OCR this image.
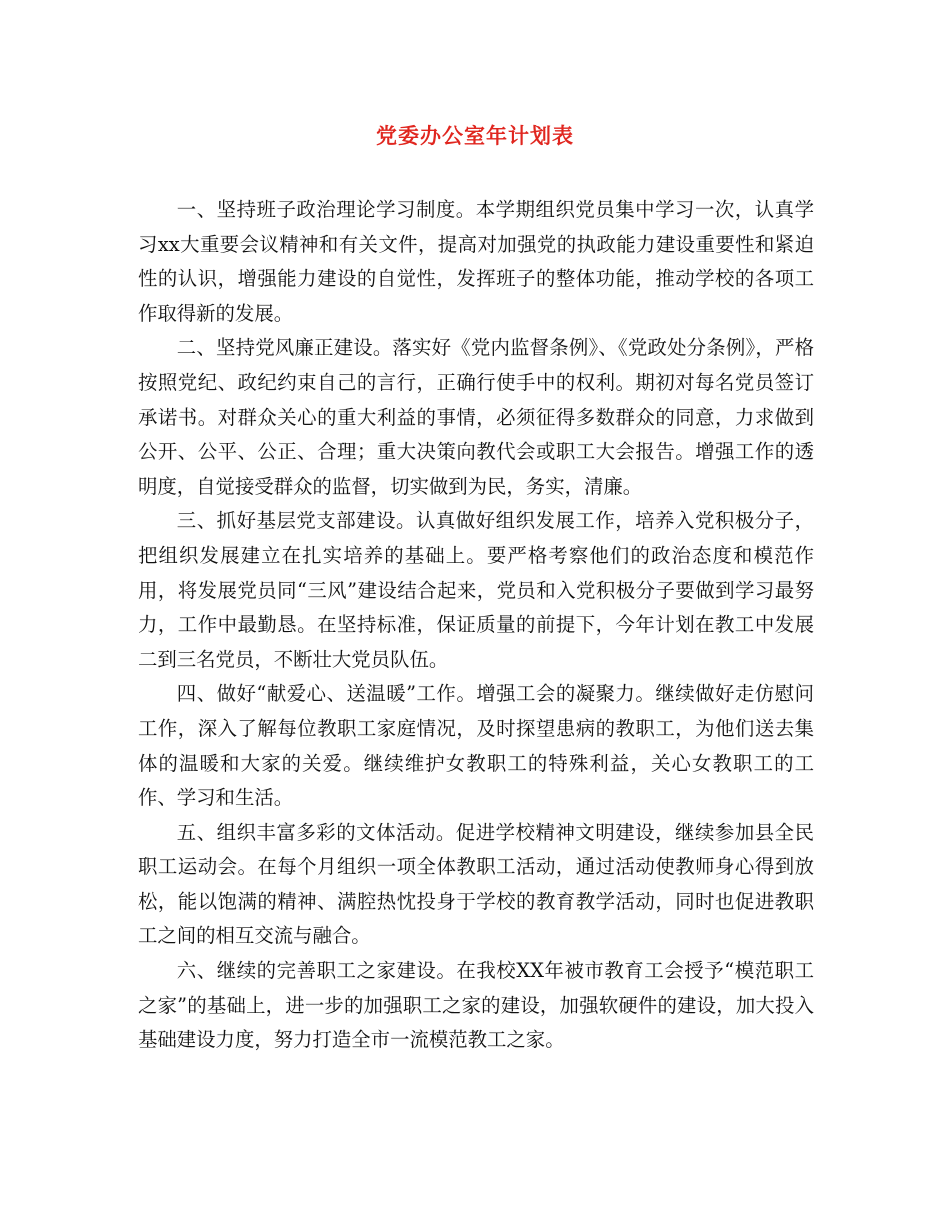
党委办公室年计划表

一、坚持班子政治理论学习制度。本学期组织党员集中学习一次，认真学习xx大重要会议精神和有关文件，提高对加强党的执政能力建设重要性和紧迫性的认识，增强能力建设的自觉性，发挥班子的整体功能，推动学校的各项工作取得新的发展。

二、坚持党风廉正建设。落实好《党内监督条例》、《党政处分条例》，严格按照党纪、政纪约束自己的言行，正确行使手中的权利。期初对每名党员签订承诺书。对群众关心的重大利益的事情，必须征得多数群众的同意，力求做到公开、公平、公正、合理；重大决策向教代会或职工大会报告。增强工作的透明度，自觉接受群众的监督，切实做到为民，务实，清廉。

三、抓好基层党支部建设。认真做好组织发展工作，培养入党积极分子，把组织发展建立在扎实培养的基础上。要严格考察他们的政治态度和模范作用，将发展党员同“三风”建设结合起来，党员和入党积极分子要做到学习最努力，工作中最勤恳。在坚持标准，保证质量的前提下，今年计划在教工中发展二到三名党员，不断壮大党员队伍。

四、做好“献爱心、送温暖”工作。增强工会的凝聚力。继续做好走仿慰问工作，深入了解每位教职工家庭情况，及时探望患病的教职工，为他们送去集体的温暖和大家的关爱。继续维护女教职工的特殊利益，关心女教职工的工作、学习和生活。

五、组织丰富多彩的文体活动。促进学校精神文明建设，继续参加县全民职工运动会。在每个月组织一项全体教职工活动，通过活动使教师身心得到放松，能以饱满的精神、满腔热忱投身于学校的教育教学活动，同时也促进教职工之间的相互交流与融合。

六、继续的完善职工之家建设。在我校XX年被市教育工会授予“模范职工之家”的基础上，进一步的加强职工之家的建设，加强软硬件的建设，加大投入基础建设力度，努力打造全市一流模范教工之家。
